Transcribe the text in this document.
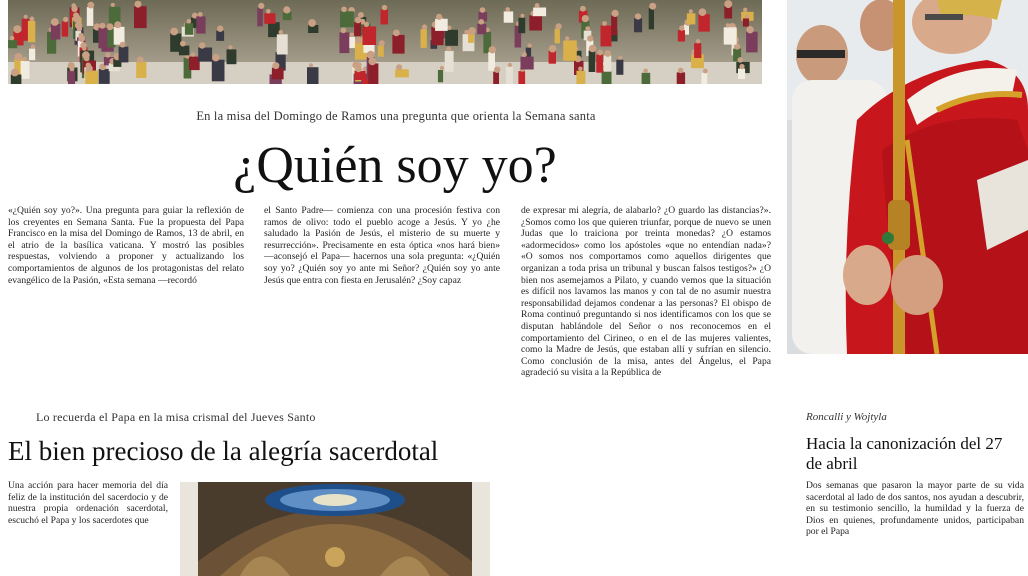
En la misa del Domingo de Ramos una pregunta que orienta la Semana santa
¿Quién soy yo?

«¿Quién soy yo?». Una pregunta para guiar la reflexión de los creyentes en Semana Santa. Fue la propuesta del Papa Francisco en la misa del Domingo de Ramos, 13 de abril, en el atrio de la basílica vaticana. Y mostró las posibles respuestas, volviendo a proponer y actualizando los comportamientos de algunos de los protagonistas del relato evangélico de la Pasión, «Esta semana —recordó

el Santo Padre— comienza con una procesión festiva con ramos de olivo: todo el pueblo acoge a Jesús. Y yo ¿he saludado la Pasión de Jesús, el misterio de su muerte y resurrección». Precisamente en esta óptica «nos hará bien» —aconsejó el Papa— hacernos una sola pregunta: «¿Quién soy yo? ¿Quién soy yo ante mi Señor? ¿Quién soy yo ante Jesús que entra con fiesta en Jerusalén? ¿Soy capaz

de expresar mi alegría, de alabarlo? ¿O guardo las distancias?». ¿Somos como los que quieren triunfar, porque de nuevo se unen Judas que lo traiciona por treinta monedas? ¿O estamos «adormecidos» como los apóstoles «que no entendían nada»? «O somos nos comportamos como aquellos dirigentes que organizan a toda prisa un tribunal y buscan falsos testigos?» ¿O bien nos asemejamos a Pilato, y cuando vemos que la situación es difícil nos lavamos las manos y con tal de no asumir nuestra responsabilidad dejamos condenar a las personas? El obispo de Roma continuó preguntando si nos identificamos con los que se disputan hablándole del Señor o nos reconocemos en el comportamiento del Cirineo, o en el de las mujeres valientes, como la Madre de Jesús, que estaban allí y sufrían en silencio. Como conclusión de la misa, antes del Ángelus, el Papa agradeció su visita a la República de

Lo recuerda el Papa en la misa crismal del Jueves Santo
El bien precioso de la alegría sacerdotal

Una acción para hacer memoria del día feliz de la institución del sacerdocio y de nuestra propia ordenación sacerdotal, escuchó el Papa y los sacerdotes que

Roncalli y Wojtyla
Hacia la canonización del 27 de abril

Dos semanas que pasaron la mayor parte de su vida sacerdotal al lado de dos santos, nos ayudan a descubrir, en su testimonio sencillo, la humildad y la fuerza de Dios en quienes, profundamente unidos, participaban por el Papa
